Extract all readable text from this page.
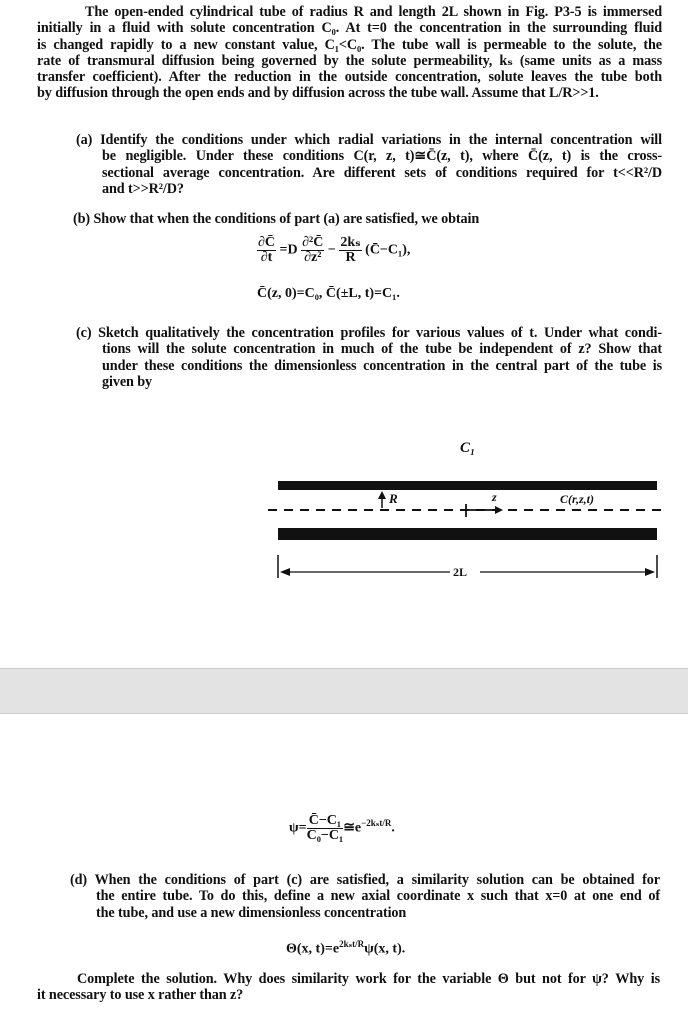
The open-ended cylindrical tube of radius R and length 2L shown in Fig. P3-5 is immersed
initially in a fluid with solute concentration C₀. At t=0 the concentration in the surrounding fluid
is changed rapidly to a new constant value, C₁<C₀. The tube wall is permeable to the solute, the
rate of transmural diffusion being governed by the solute permeability, kₛ (same units as a mass
transfer coefficient). After the reduction in the outside concentration, solute leaves the tube both
by diffusion through the open ends and by diffusion across the tube wall. Assume that L/R>>1.
(a) Identify the conditions under which radial variations in the internal concentration will
be negligible. Under these conditions C(r, z, t)≅C̄(z, t), where C̄(z, t) is the cross-
sectional average concentration. Are different sets of conditions required for t<<R²/D
and t>>R²/D?
(b) Show that when the conditions of part (a) are satisfied, we obtain
$\frac{\partial C̄}{\partial t} =D \frac{\text{∂²C̄}}{\text{∂z²}} - \frac{\text{2kₛ}}{R}$ (C̄−C₁),
C̄(z, 0)=C₀, C̄(±L, t)=C₁.
(c) Sketch qualitatively the concentration profiles for various values of t. Under what condi-
tions will the solute concentration in much of the tube be independent of z? Show that
under these conditions the dimensionless concentration in the central part of the tube is
given by
C₁
R	z	C(r,z,t)
2L
$\psi= \frac{\text{C̄−C₁}}{\text{C₀−C₁}}$ $≅e^{-2k_st/R}$.
(d) When the conditions of part (c) are satisfied, a similarity solution can be obtained for
the entire tube. To do this, define a new axial coordinate x such that x=0 at one end of
the tube, and use a new dimensionless concentration
Θ(x, $t)=e^{2k_st/R}\psi(x$, t).
Complete the solution. Why does similarity work for the variable Θ but not for ψ? Why is
it necessary to use x rather than z?
